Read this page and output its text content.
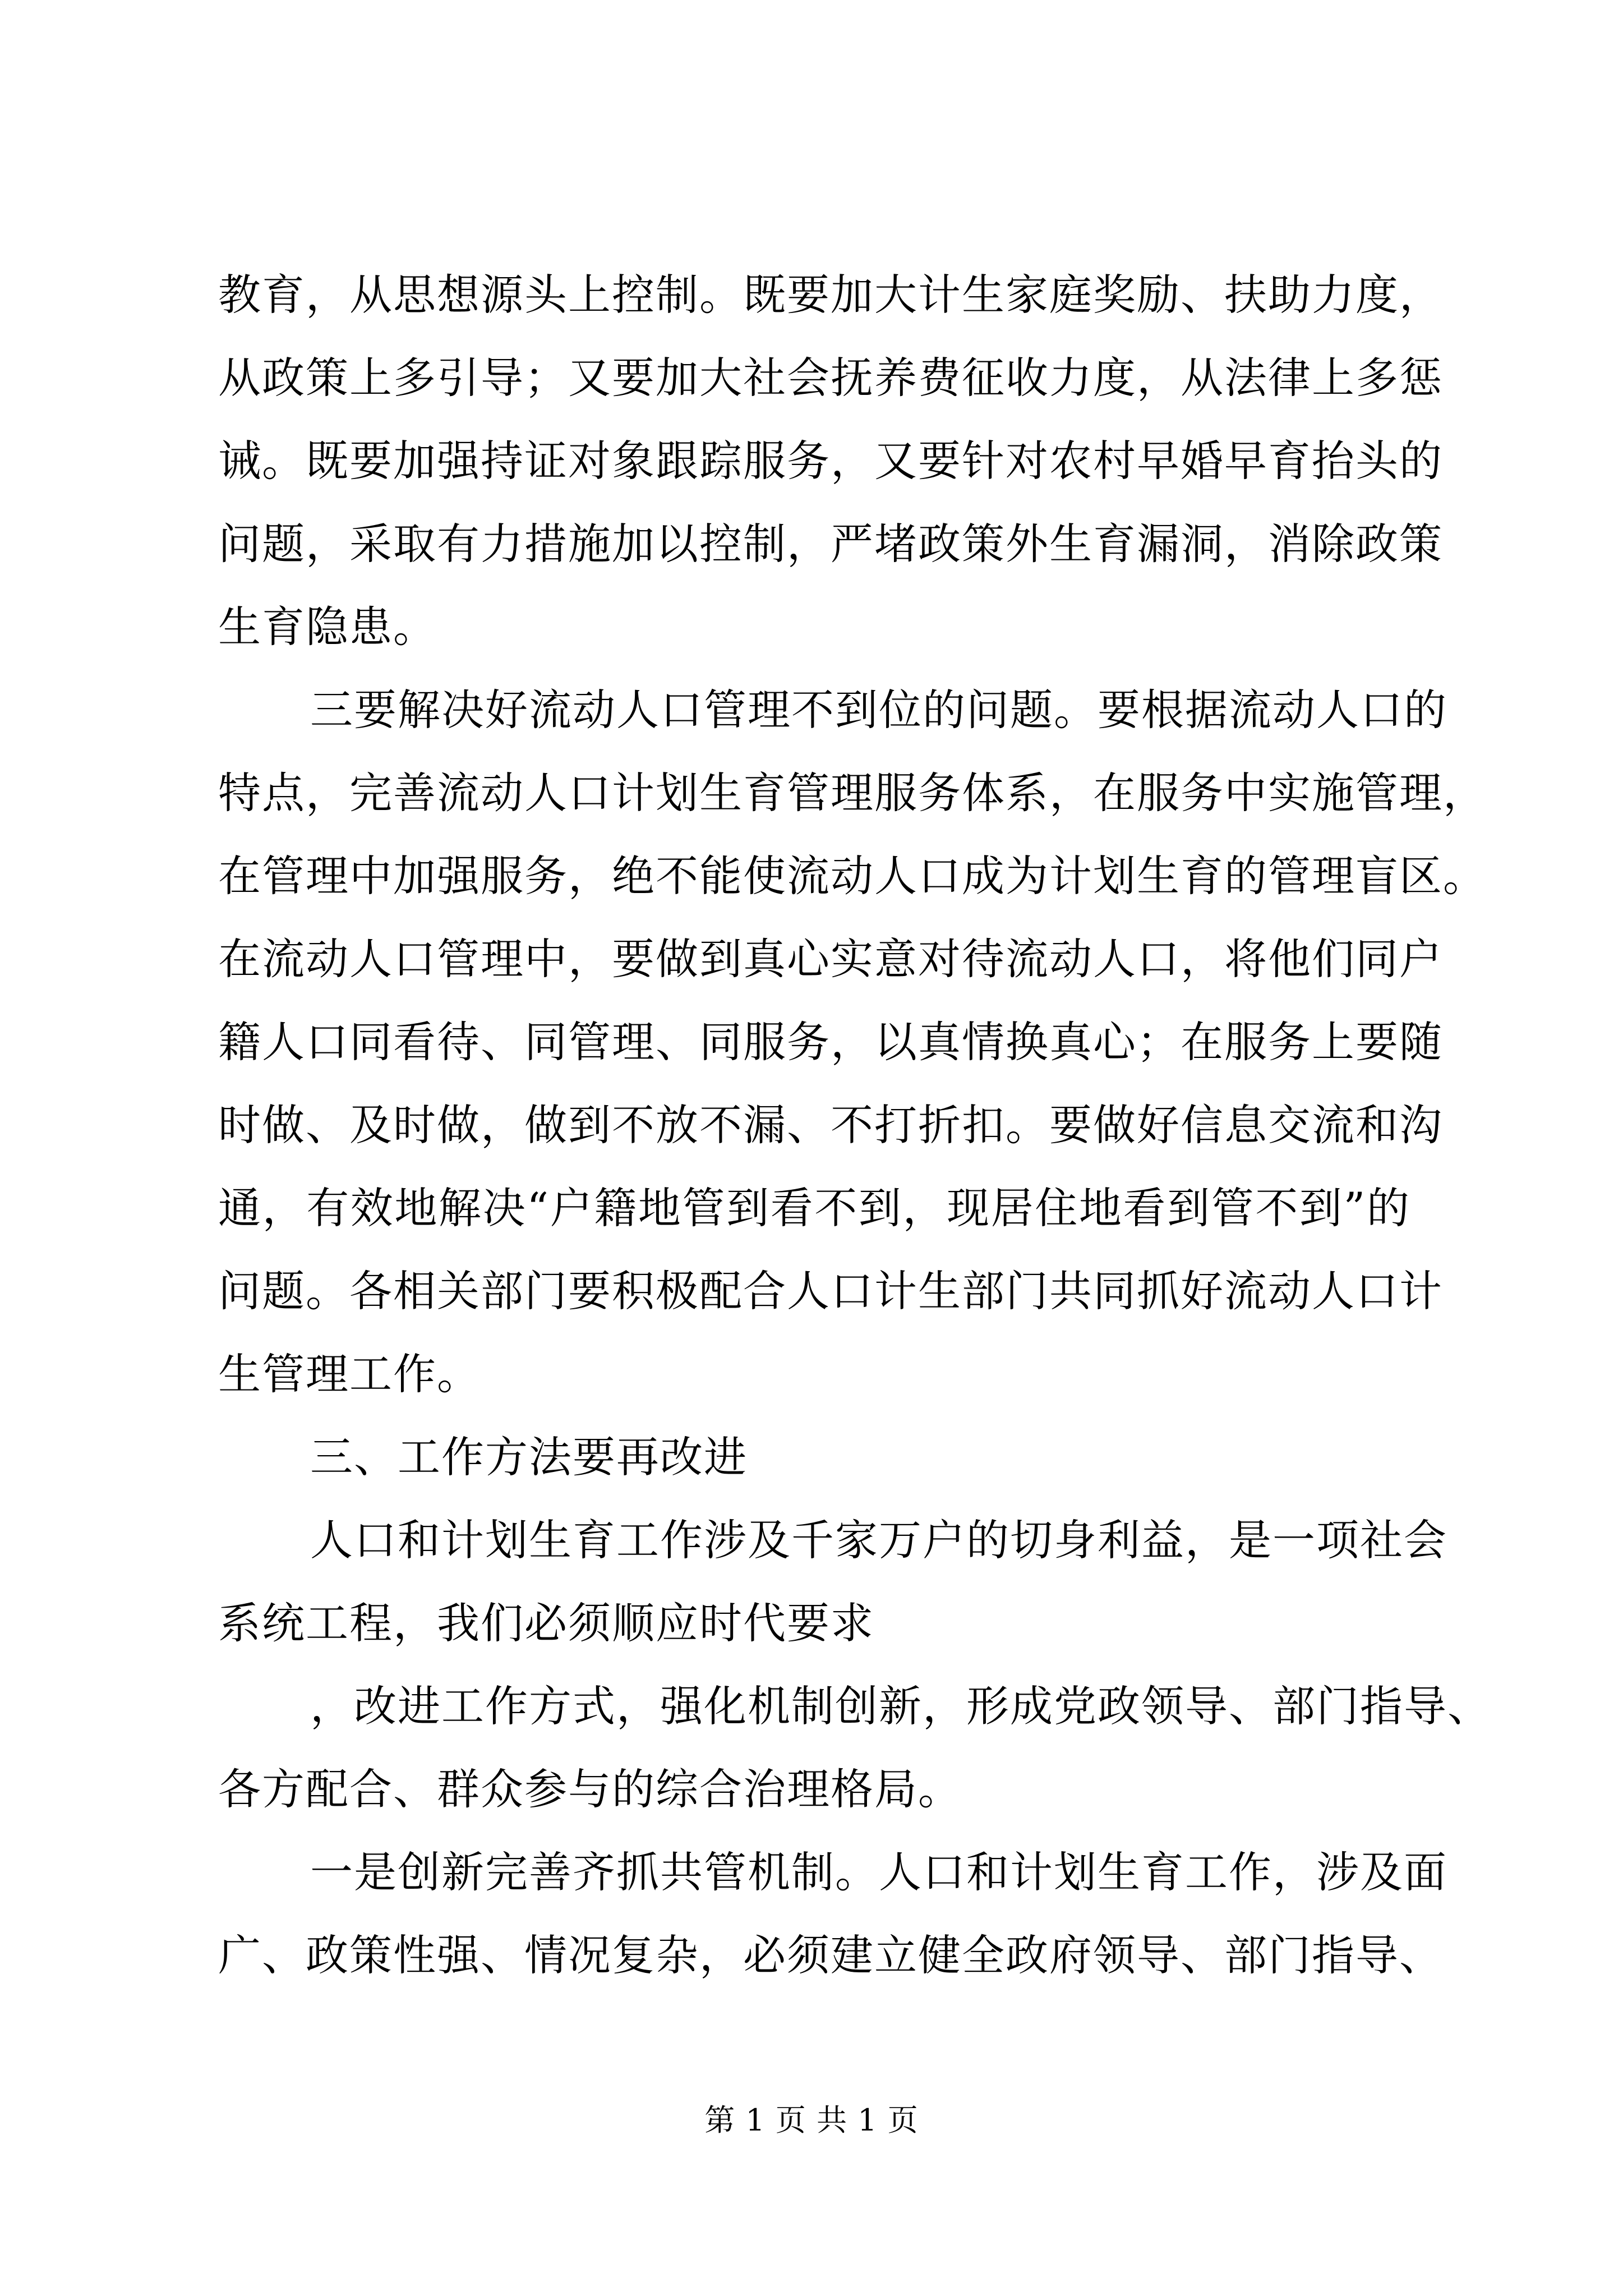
教育，从思想源头上控制。既要加大计生家庭奖励、扶助力度，
从政策上多引导；又要加大社会抚养费征收力度，从法律上多惩
诫。既要加强持证对象跟踪服务，又要针对农村早婚早育抬头的
问题，采取有力措施加以控制，严堵政策外生育漏洞，消除政策
生育隐患。
三要解决好流动人口管理不到位的问题。要根据流动人口的
特点，完善流动人口计划生育管理服务体系，在服务中实施管理，
在管理中加强服务，绝不能使流动人口成为计划生育的管理盲区。
在流动人口管理中，要做到真心实意对待流动人口，将他们同户
籍人口同看待、同管理、同服务，以真情换真心；在服务上要随
时做、及时做，做到不放不漏、不打折扣。要做好信息交流和沟
通，有效地解决“户籍地管到看不到，现居住地看到管不到”的
问题。各相关部门要积极配合人口计生部门共同抓好流动人口计
生管理工作。
三、工作方法要再改进
人口和计划生育工作涉及千家万户的切身利益，是一项社会
系统工程，我们必须顺应时代要求
，改进工作方式，强化机制创新，形成党政领导、部门指导、
各方配合、群众参与的综合治理格局。
一是创新完善齐抓共管机制。人口和计划生育工作，涉及面
广、政策性强、情况复杂，必须建立健全政府领导、部门指导、
第 1 页 共 1 页
